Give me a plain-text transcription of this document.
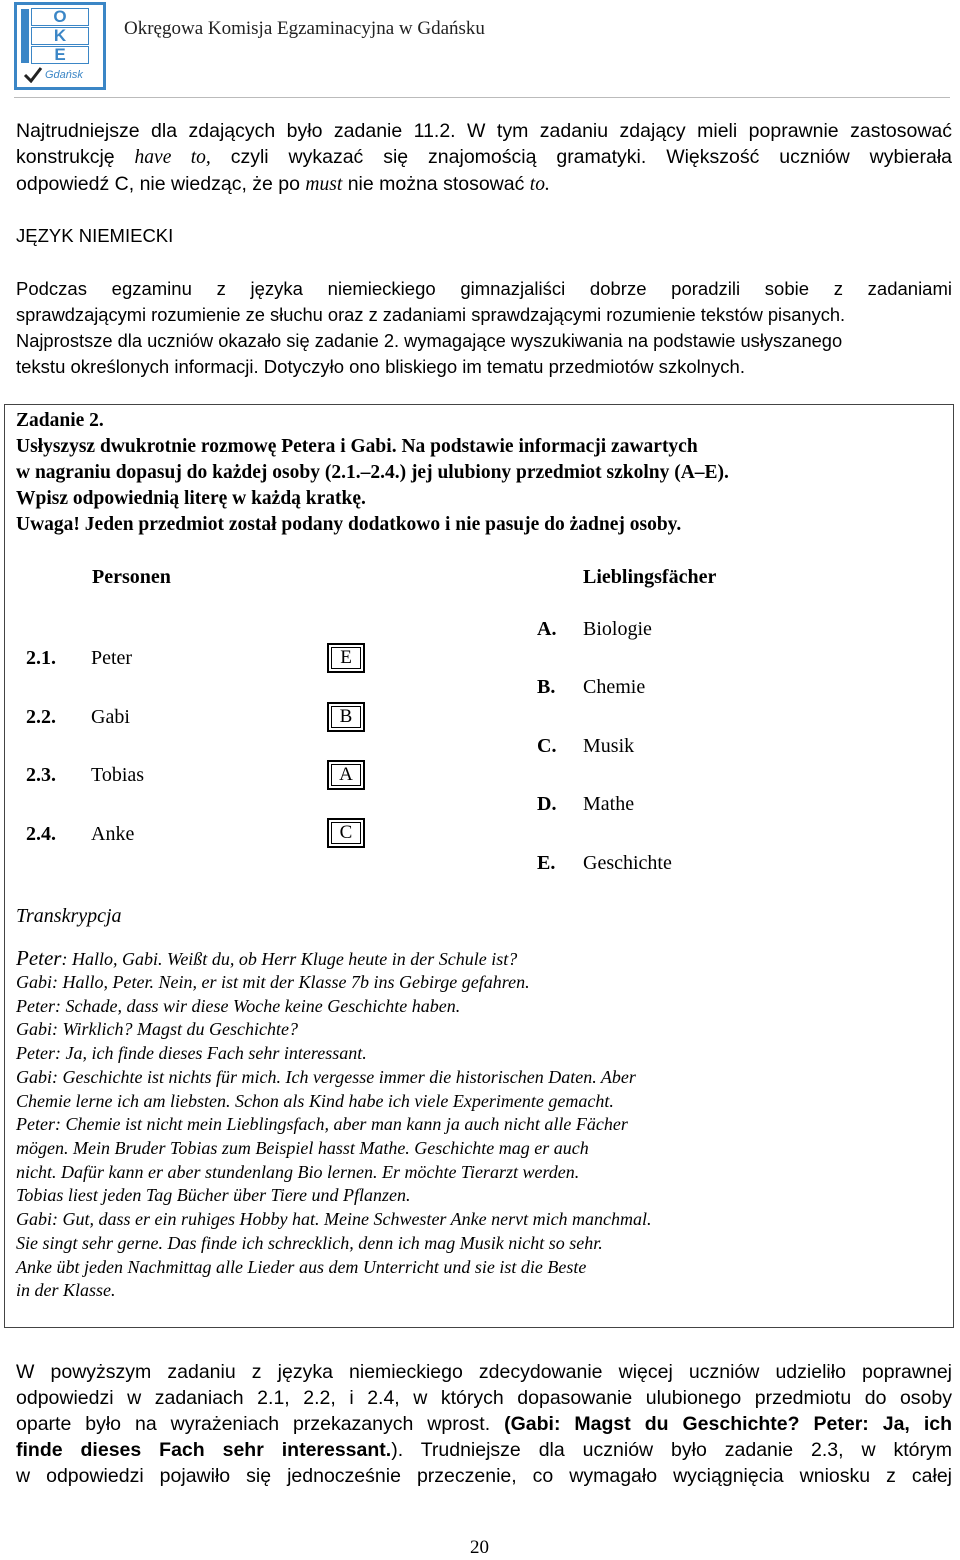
O
K
E
Gdańsk
Okręgowa Komisja Egzaminacyjna w Gdańsku
Najtrudniejsze dla zdających było zadanie 11.2. W tym zadaniu zdający mieli poprawnie zastosować
konstrukcję have to, czyli wykazać się znajomością gramatyki. Większość uczniów wybierała
odpowiedź C, nie wiedząc, że po must nie można stosować to.
JĘZYK NIEMIECKI
Podczas egzaminu z języka niemieckiego gimnazjaliści dobrze poradzili sobie z zadaniami
sprawdzającymi rozumienie ze słuchu oraz z zadaniami sprawdzającymi rozumienie tekstów pisanych.
Najprostsze dla uczniów okazało się zadanie 2. wymagające wyszukiwania na podstawie usłyszanego
tekstu określonych informacji. Dotyczyło ono bliskiego im tematu przedmiotów szkolnych.
Zadanie 2.
Usłyszysz dwukrotnie rozmowę Petera i Gabi. Na podstawie informacji zawartych
w nagraniu dopasuj do każdej osoby (2.1.–2.4.) jej ulubiony przedmiot szkolny (A–E).
Wpisz odpowiednią literę w każdą kratkę.
Uwaga! Jeden przedmiot został podany dodatkowo i nie pasuje do żadnej osoby.
Personen	Lieblingsfächer
2.1. Peter	E
2.2. Gabi	B
2.3. Tobias	A
2.4. Anke	C
A. Biologie
B. Chemie
C. Musik
D. Mathe
E. Geschichte
Transkrypcja
Peter: Hallo, Gabi. Weißt du, ob Herr Kluge heute in der Schule ist?
Gabi: Hallo, Peter. Nein, er ist mit der Klasse 7b ins Gebirge gefahren.
Peter: Schade, dass wir diese Woche keine Geschichte haben.
Gabi: Wirklich? Magst du Geschichte?
Peter: Ja, ich finde dieses Fach sehr interessant.
Gabi: Geschichte ist nichts für mich. Ich vergesse immer die historischen Daten. Aber
Chemie lerne ich am liebsten. Schon als Kind habe ich viele Experimente gemacht.
Peter: Chemie ist nicht mein Lieblingsfach, aber man kann ja auch nicht alle Fächer
mögen. Mein Bruder Tobias zum Beispiel hasst Mathe. Geschichte mag er auch
nicht. Dafür kann er aber stundenlang Bio lernen. Er möchte Tierarzt werden.
Tobias liest jeden Tag Bücher über Tiere und Pflanzen.
Gabi: Gut, dass er ein ruhiges Hobby hat. Meine Schwester Anke nervt mich manchmal.
Sie singt sehr gerne. Das finde ich schrecklich, denn ich mag Musik nicht so sehr.
Anke übt jeden Nachmittag alle Lieder aus dem Unterricht und sie ist die Beste
in der Klasse.
W powyższym zadaniu z języka niemieckiego zdecydowanie więcej uczniów udzieliło poprawnej
odpowiedzi w zadaniach 2.1, 2.2, i 2.4, w których dopasowanie ulubionego przedmiotu do osoby
oparte było na wyrażeniach przekazanych wprost. (Gabi: Magst du Geschichte? Peter: Ja, ich
finde dieses Fach sehr interessant.). Trudniejsze dla uczniów było zadanie 2.3, w którym
w odpowiedzi pojawiło się jednocześnie przeczenie, co wymagało wyciągnięcia wniosku z całej
20
